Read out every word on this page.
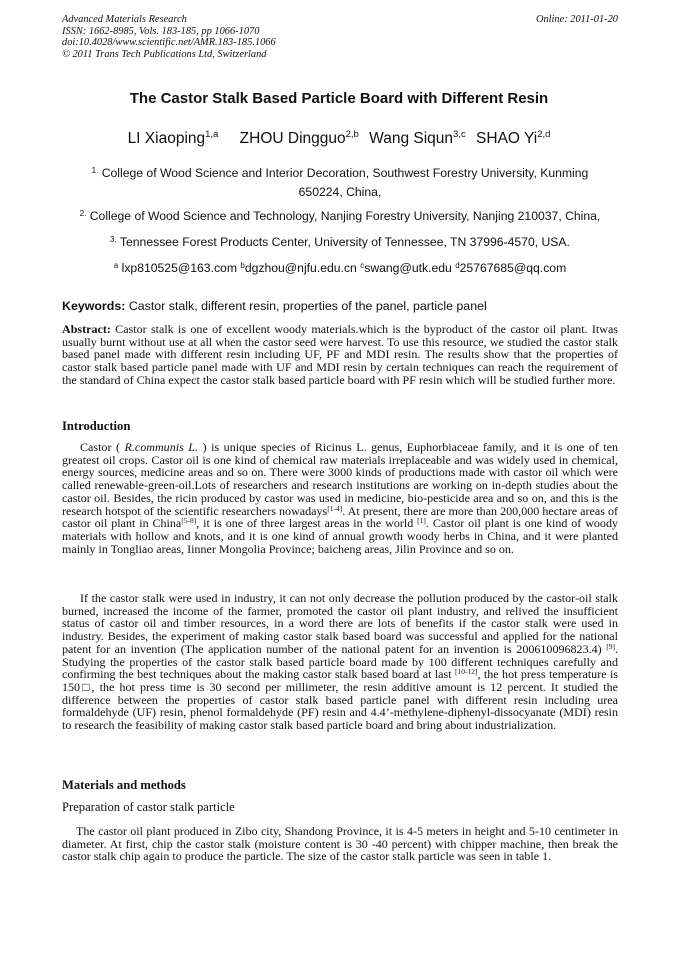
Advanced Materials Research
ISSN: 1662-8985, Vols. 183-185, pp 1066-1070
doi:10.4028/www.scientific.net/AMR.183-185.1066
© 2011 Trans Tech Publications Ltd, Switzerland
Online: 2011-01-20
The Castor Stalk Based Particle Board with Different Resin
LI Xiaoping$^{1,a}$ ZHOU Dingguo$^{2,b}$ Wang Siqun$^{3,c}$ SHAO Yi$^{2,d}$
$^{1.}$ College of Wood Science and Interior Decoration, Southwest Forestry University, Kunming
650224, China,
$^{2.}$ College of Wood Science and Technology, Nanjing Forestry University, Nanjing 210037, China,
$^{3.}$ Tennessee Forest Products Center, University of Tennessee, TN 37996-4570, USA.
$^a$ lxp810525@163.com $^b$dgzhou@njfu.edu.cn $^c$swang@utk.edu $^d$25767685@qq.com
Keywords: Castor stalk, different resin, properties of the panel, particle panel
Abstract: Castor stalk is one of excellent woody materials.which is the byproduct of the castor oil plant. Itwas usually burnt without use at all when the castor seed were harvest. To use this resource, we studied the castor stalk based panel made with different resin including UF, PF and MDI resin. The results show that the properties of castor stalk based particle panel made with UF and MDI resin by certain techniques can reach the requirement of the standard of China expect the castor stalk based particle board with PF resin which will be studied further more.
Introduction
Castor ( R.communis L. ) is unique species of Ricinus L. genus, Euphorbiaceae family, and it is one of ten greatest oil crops. Castor oil is one kind of chemical raw materials irreplaceable and was widely used in chemical, energy sources, medicine areas and so on. There were 3000 kinds of productions made with castor oil which were called renewable-green-oil.Lots of researchers and research institutions are working on in-depth studies about the castor oil. Besides, the ricin produced by castor was used in medicine, bio-pesticide area and so on, and this is the research hotspot of the scientific researchers nowadays[1-4]. At present, there are more than 200,000 hectare areas of castor oil plant in China[5-8], it is one of three largest areas in the world [1]. Castor oil plant is one kind of woody materials with hollow and knots, and it is one kind of annual growth woody herbs in China, and it were planted mainly in Tongliao areas, Iinner Mongolia Province; baicheng areas, Jilin Province and so on.
If the castor stalk were used in industry, it can not only decrease the pollution produced by the castor-oil stalk burned, increased the income of the farmer, promoted the castor oil plant industry, and relived the insufficient status of castor oil and timber resources, in a word there are lots of benefits if the castor stalk were used in industry. Besides, the experiment of making castor stalk based board was successful and applied for the national patent for an invention (The application number of the national patent for an invention is 200610096823.4) [9]. Studying the properties of the castor stalk based particle board made by 100 different techniques carefully and confirming the best techniques about the making castor stalk based board at last [10-12], the hot press temperature is 150□, the hot press time is 30 second per millimeter, the resin additive amount is 12 percent. It studied the difference between the properties of castor stalk based particle panel with different resin including urea formaldehyde (UF) resin, phenol formaldehyde (PF) resin and 4.4’-methylene-diphenyl-dissocyanate (MDI) resin to research the feasibility of making castor stalk based particle board and bring about industrialization.
Materials and methods
Preparation of castor stalk particle
The castor oil plant produced in Zibo city, Shandong Province, it is 4-5 meters in height and 5-10 centimeter in diameter. At first, chip the castor stalk (moisture content is 30 -40 percent) with chipper machine, then break the castor stalk chip again to produce the particle. The size of the castor stalk particle was seen in table 1.
